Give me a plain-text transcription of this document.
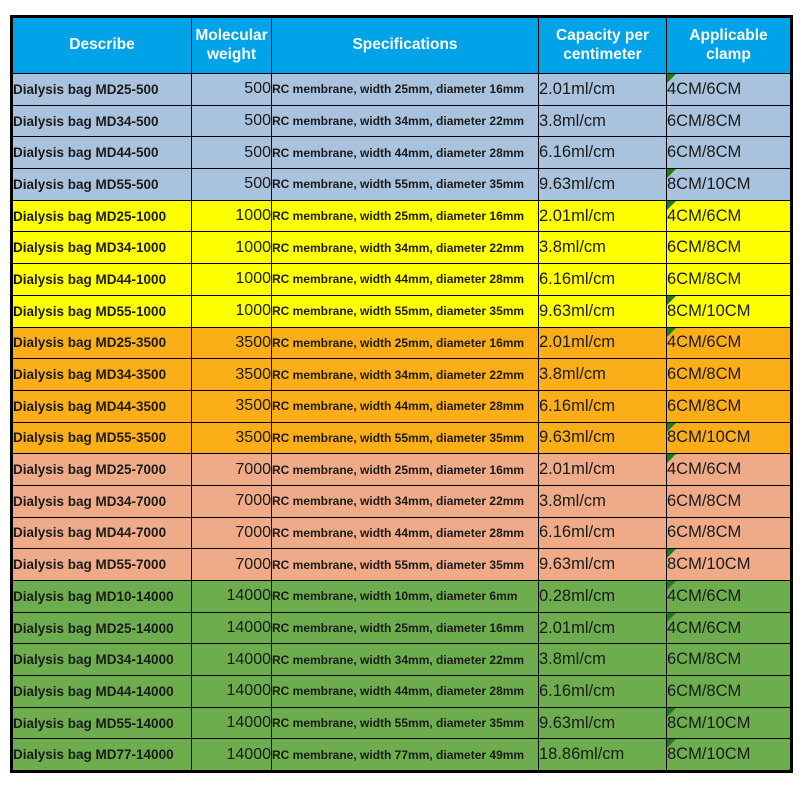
Describe	Molecular weight	Specifications	Capacity per centimeter	Applicable clamp
Dialysis bag MD25-500	500	RC membrane, width 25mm, diameter 16mm	2.01ml/cm	4CM/6CM
Dialysis bag MD34-500	500	RC membrane, width 34mm, diameter 22mm	3.8ml/cm	6CM/8CM
Dialysis bag MD44-500	500	RC membrane, width 44mm, diameter 28mm	6.16ml/cm	6CM/8CM
Dialysis bag MD55-500	500	RC membrane, width 55mm, diameter 35mm	9.63ml/cm	8CM/10CM
Dialysis bag MD25-1000	1000	RC membrane, width 25mm, diameter 16mm	2.01ml/cm	4CM/6CM
Dialysis bag MD34-1000	1000	RC membrane, width 34mm, diameter 22mm	3.8ml/cm	6CM/8CM
Dialysis bag MD44-1000	1000	RC membrane, width 44mm, diameter 28mm	6.16ml/cm	6CM/8CM
Dialysis bag MD55-1000	1000	RC membrane, width 55mm, diameter 35mm	9.63ml/cm	8CM/10CM
Dialysis bag MD25-3500	3500	RC membrane, width 25mm, diameter 16mm	2.01ml/cm	4CM/6CM
Dialysis bag MD34-3500	3500	RC membrane, width 34mm, diameter 22mm	3.8ml/cm	6CM/8CM
Dialysis bag MD44-3500	3500	RC membrane, width 44mm, diameter 28mm	6.16ml/cm	6CM/8CM
Dialysis bag MD55-3500	3500	RC membrane, width 55mm, diameter 35mm	9.63ml/cm	8CM/10CM
Dialysis bag MD25-7000	7000	RC membrane, width 25mm, diameter 16mm	2.01ml/cm	4CM/6CM
Dialysis bag MD34-7000	7000	RC membrane, width 34mm, diameter 22mm	3.8ml/cm	6CM/8CM
Dialysis bag MD44-7000	7000	RC membrane, width 44mm, diameter 28mm	6.16ml/cm	6CM/8CM
Dialysis bag MD55-7000	7000	RC membrane, width 55mm, diameter 35mm	9.63ml/cm	8CM/10CM
Dialysis bag MD10-14000	14000	RC membrane, width 10mm, diameter 6mm	0.28ml/cm	4CM/6CM
Dialysis bag MD25-14000	14000	RC membrane, width 25mm, diameter 16mm	2.01ml/cm	4CM/6CM
Dialysis bag MD34-14000	14000	RC membrane, width 34mm, diameter 22mm	3.8ml/cm	6CM/8CM
Dialysis bag MD44-14000	14000	RC membrane, width 44mm, diameter 28mm	6.16ml/cm	6CM/8CM
Dialysis bag MD55-14000	14000	RC membrane, width 55mm, diameter 35mm	9.63ml/cm	8CM/10CM
Dialysis bag MD77-14000	14000	RC membrane, width 77mm, diameter 49mm	18.86ml/cm	8CM/10CM
